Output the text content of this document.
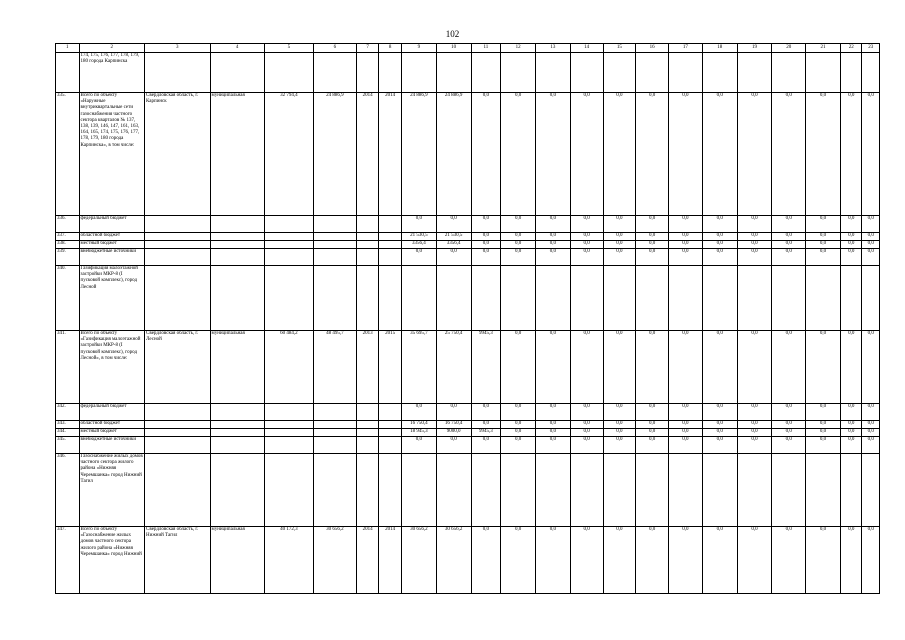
102
1	2	3	4	5	6	7	8	9	10	11	12	13	14	15	16	17	18	19	20	21	22	23
	174, 175, 176, 177, 178, 179, 180 города Карпинска																					
335.	Всего по объекту «Наружные внутриквартальные сети газоснабжения частного сектора кварталов № 137, 138, 139, 146, 147, 161, 163, 164, 165, 174, 175, 176, 177, 178, 179, 180 города Карпинска», в том числе:	Свердловская область, г. Карпинск	муниципальная	32 794,4	24 886,9	2014	2014	24 886,9	24 886,9	0,0	0,0	0,0	0,0	0,0	0,0	0,0	0,0	0,0	0,0	0,0	0,0	0,0
336.	федеральный бюджет							0,0	0,0	0,0	0,0	0,0	0,0	0,0	0,0	0,0	0,0	0,0	0,0	0,0	0,0	0,0
337.	областной бюджет							21 530,5	21 530,5	0,0	0,0	0,0	0,0	0,0	0,0	0,0	0,0	0,0	0,0	0,0	0,0	0,0
338.	местный бюджет							3356,4	3356,4	0,0	0,0	0,0	0,0	0,0	0,0	0,0	0,0	0,0	0,0	0,0	0,0	0,0
339.	внебюджетные источники							0,0	0,0	0,0	0,0	0,0	0,0	0,0	0,0	0,0	0,0	0,0	0,0	0,0	0,0	0,0
340.	Газификация малоэтажной застройки МКР-8 (I пусковой комплекс), город Лесной																					
341.	Всего по объекту «Газификация малоэтажной застройки МКР-8 (I пусковой комплекс), город Лесной», в том числе:	Свердловская область, г. Лесной	муниципальная	60 484,2	48 495,7	2013	2015	35 695,7	25 750,4	9945,3	0,0	0,0	0,0	0,0	0,0	0,0	0,0	0,0	0,0	0,0	0,0	0,0
342.	федеральный бюджет							0,0	0,0	0,0	0,0	0,0	0,0	0,0	0,0	0,0	0,0	0,0	0,0	0,0	0,0	0,0
343.	областной бюджет							16 750,4	16 750,4	0,0	0,0	0,0	0,0	0,0	0,0	0,0	0,0	0,0	0,0	0,0	0,0	0,0
344.	местный бюджет							18 945,3	9000,0	9945,3	0,0	0,0	0,0	0,0	0,0	0,0	0,0	0,0	0,0	0,0	0,0	0,0
345.	внебюджетные источники							0,0	0,0	0,0	0,0	0,0	0,0	0,0	0,0	0,0	0,0	0,0	0,0	0,0	0,0	0,0
346.	Газоснабжение жилых домов частного сектора жилого района «Нижняя Черемшанка» город Нижний Тагил																					
347.	Всего по объекту «Газоснабжение жилых домов частного сектора жилого района «Нижняя Черемшанка» город Нижний	Свердловская область, г. Нижний Тагил	муниципальная	40 172,3	30 656,2	2014	2014	30 656,2	30 656,2	0,0	0,0	0,0	0,0	0,0	0,0	0,0	0,0	0,0	0,0	0,0	0,0	0,0
